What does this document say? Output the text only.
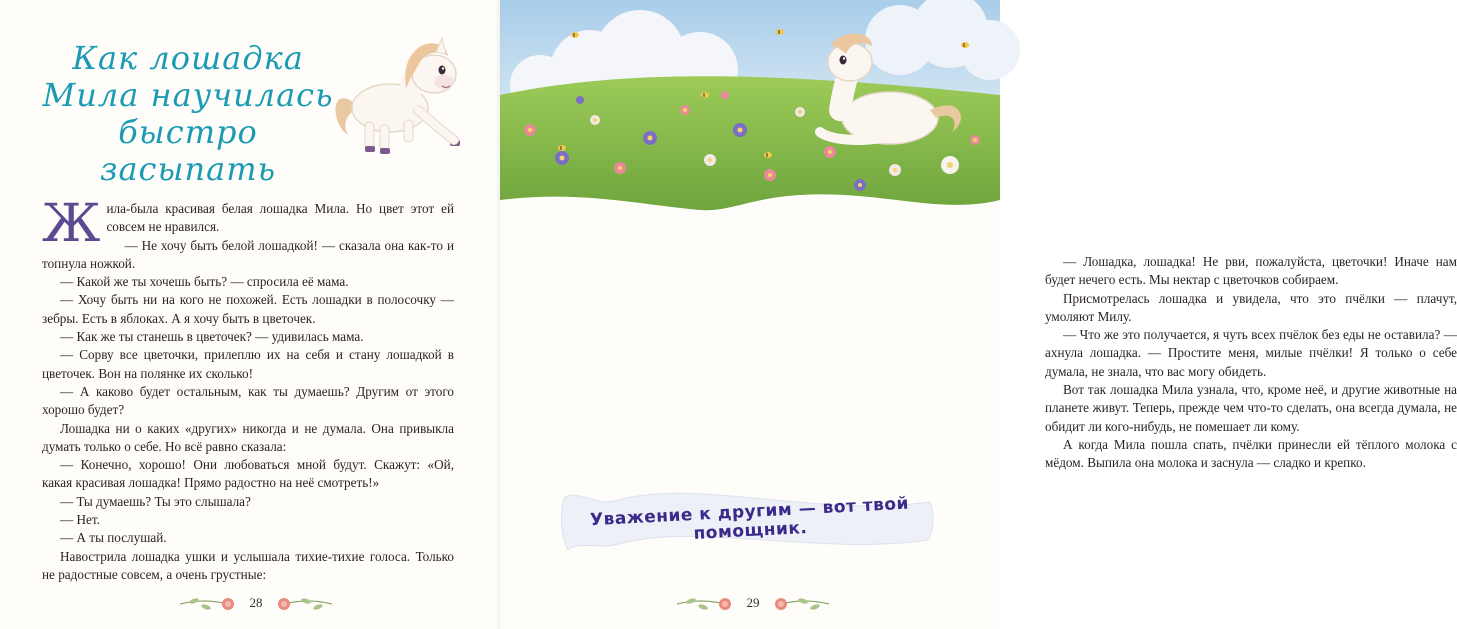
Как лошадка
Мила научилась
быстро засыпать

Жила-была красивая белая лошадка Мила. Но цвет этот ей совсем не нравился.

— Не хочу быть белой лошадкой! — сказала она как-то и топнула ножкой.

— Какой же ты хочешь быть? — спросила её мама.

— Хочу быть ни на кого не похожей. Есть лошадки в полосочку — зебры. Есть в яблоках. А я хочу быть в цветочек.

— Как же ты станешь в цветочек? — удивилась мама.

— Сорву все цветочки, прилеплю их на себя и стану лошадкой в цветочек. Вон на полянке их сколько!

— А каково будет остальным, как ты думаешь? Другим от этого хорошо будет?

Лошадка ни о каких «других» никогда и не думала. Она привыкла думать только о себе. Но всё равно сказала:

— Конечно, хорошо! Они любоваться мной будут. Скажут: «Ой, какая красивая лошадка! Прямо радостно на неё смотреть!»

— Ты думаешь? Ты это слышала?

— Нет.

— А ты послушай.

Навострила лошадка ушки и услышала тихие-тихие голоса. Только не радостные совсем, а очень грустные:

28

— Лошадка, лошадка! Не рви, пожалуйста, цветочки! Иначе нам будет нечего есть. Мы нектар с цветочков собираем.

Присмотрелась лошадка и увидела, что это пчёлки — плачут, умоляют Милу.

— Что же это получается, я чуть всех пчёлок без еды не оставила? — ахнула лошадка. — Простите меня, милые пчёлки! Я только о себе думала, не знала, что вас могу обидеть.

Вот так лошадка Мила узнала, что, кроме неё, и другие животные на планете живут. Теперь, прежде чем что-то сделать, она всегда думала, не обидит ли кого-нибудь, не помешает ли кому.

А когда Мила пошла спать, пчёлки принесли ей тёплого молока с мёдом. Выпила она молока и заснула — сладко и крепко.

Уважение к другим — вот твой помощник.
29
